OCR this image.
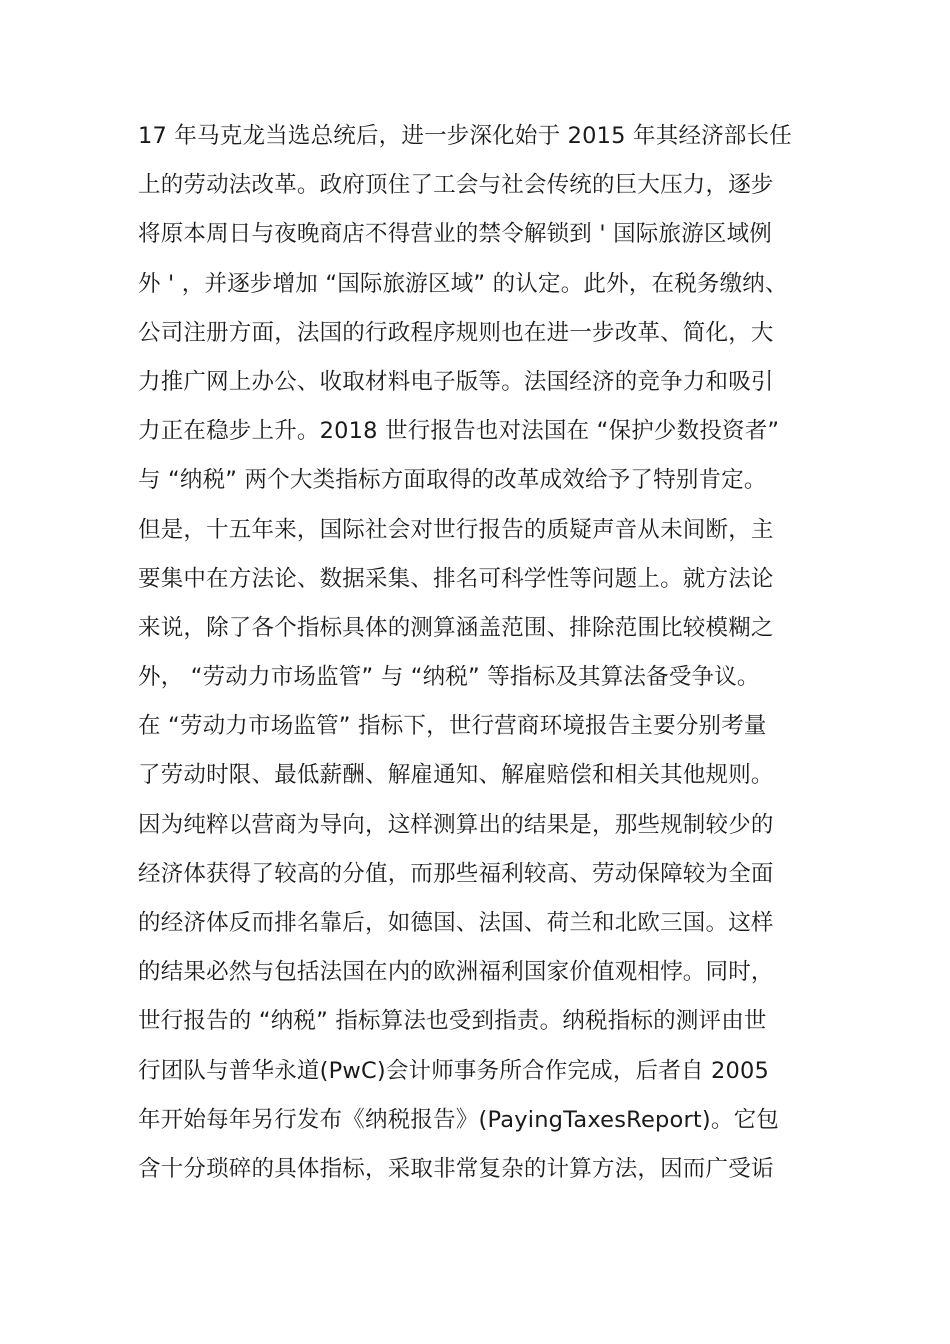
17 年马克龙当选总统后，进一步深化始于 2015 年其经济部长任
上的劳动法改革。政府顶住了工会与社会传统的巨大压力，逐步
将原本周日与夜晚商店不得营业的禁令解锁到 ' 国际旅游区域例
外 ' ，并逐步增加 “国际旅游区域” 的认定。此外，在税务缴纳、
公司注册方面，法国的行政程序规则也在进一步改革、简化，大
力推广网上办公、收取材料电子版等。法国经济的竞争力和吸引
力正在稳步上升。2018 世行报告也对法国在 “保护少数投资者”
与 “纳税” 两个大类指标方面取得的改革成效给予了特别肯定。
但是，十五年来，国际社会对世行报告的质疑声音从未间断，主
要集中在方法论、数据采集、排名可科学性等问题上。就方法论
来说，除了各个指标具体的测算涵盖范围、排除范围比较模糊之
外， “劳动力市场监管” 与 “纳税” 等指标及其算法备受争议。
在 “劳动力市场监管” 指标下，世行营商环境报告主要分别考量
了劳动时限、最低薪酬、解雇通知、解雇赔偿和相关其他规则。
因为纯粹以营商为导向，这样测算出的结果是，那些规制较少的
经济体获得了较高的分值，而那些福利较高、劳动保障较为全面
的经济体反而排名靠后，如德国、法国、荷兰和北欧三国。这样
的结果必然与包括法国在内的欧洲福利国家价值观相悖。同时，
世行报告的 “纳税” 指标算法也受到指责。纳税指标的测评由世
行团队与普华永道(PwC)会计师事务所合作完成，后者自 2005
年开始每年另行发布《纳税报告》(PayingTaxesReport)。它包
含十分琐碎的具体指标，采取非常复杂的计算方法，因而广受诟
